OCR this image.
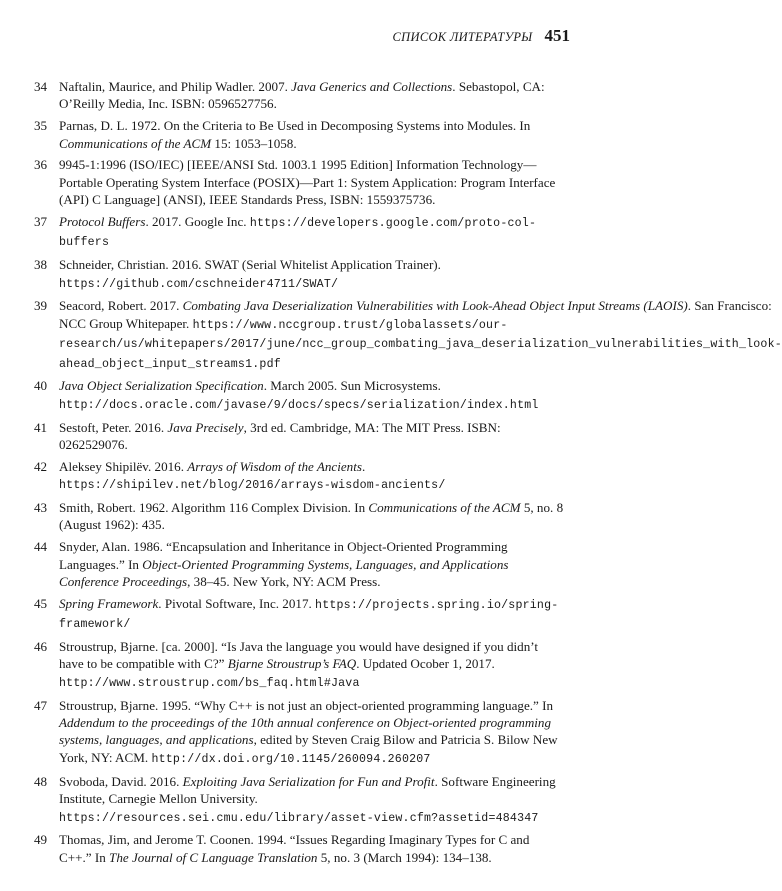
СПИСОК ЛИТЕРАТУРЫ 451
34 Naftalin, Maurice, and Philip Wadler. 2007. Java Generics and Collections. Sebastopol, CA: O’Reilly Media, Inc. ISBN: 0596527756.
35 Parnas, D. L. 1972. On the Criteria to Be Used in Decomposing Systems into Modules. In Communications of the ACM 15: 1053–1058.
36 9945-1:1996 (ISO/IEC) [IEEE/ANSI Std. 1003.1 1995 Edition] Information Technology—Portable Operating System Interface (POSIX)—Part 1: System Application: Program Interface (API) C Language] (ANSI), IEEE Standards Press, ISBN: 1559375736.
37 Protocol Buffers. 2017. Google Inc. https://developers.google.com/proto-col-buffers
38 Schneider, Christian. 2016. SWAT (Serial Whitelist Application Trainer). https://github.com/cschneider4711/SWAT/
39 Seacord, Robert. 2017. Combating Java Deserialization Vulnerabilities with Look-Ahead Object Input Streams (LAOIS). San Francisco: NCC Group Whitepaper. https://www.nccgroup.trust/globalassets/our-research/us/whitepapers/2017/june/ncc_group_combating_java_deserialization_vulnerabilities_with_look-ahead_object_input_streams1.pdf
40 Java Object Serialization Specification. March 2005. Sun Microsystems. http://docs.oracle.com/javase/9/docs/specs/serialization/index.html
41 Sestoft, Peter. 2016. Java Precisely, 3rd ed. Cambridge, MA: The MIT Press. ISBN: 0262529076.
42 Aleksey Shipilёv. 2016. Arrays of Wisdom of the Ancients. https://shipilev.net/blog/2016/arrays-wisdom-ancients/
43 Smith, Robert. 1962. Algorithm 116 Complex Division. In Communications of the ACM 5, no. 8 (August 1962): 435.
44 Snyder, Alan. 1986. “Encapsulation and Inheritance in Object-Oriented Programming Languages.” In Object-Oriented Programming Systems, Languages, and Applications Conference Proceedings, 38–45. New York, NY: ACM Press.
45 Spring Framework. Pivotal Software, Inc. 2017. https://projects.spring.io/spring-framework/
46 Stroustrup, Bjarne. [ca. 2000]. “Is Java the language you would have designed if you didn’t have to be compatible with C?” Bjarne Stroustrup’s FAQ. Updated Ocober 1, 2017. http://www.stroustrup.com/bs_faq.html#Java
47 Stroustrup, Bjarne. 1995. “Why C++ is not just an object-oriented programming language.” In Addendum to the proceedings of the 10th annual conference on Object-oriented programming systems, languages, and applications, edited by Steven Craig Bilow and Patricia S. Bilow New York, NY: ACM. http://dx.doi.org/10.1145/260094.260207
48 Svoboda, David. 2016. Exploiting Java Serialization for Fun and Profit. Software Engineering Institute, Carnegie Mellon University. https://resources.sei.cmu.edu/library/asset-view.cfm?assetid=484347
49 Thomas, Jim, and Jerome T. Coonen. 1994. “Issues Regarding Imaginary Types for C and C++.” In The Journal of C Language Translation 5, no. 3 (March 1994): 134–138.
